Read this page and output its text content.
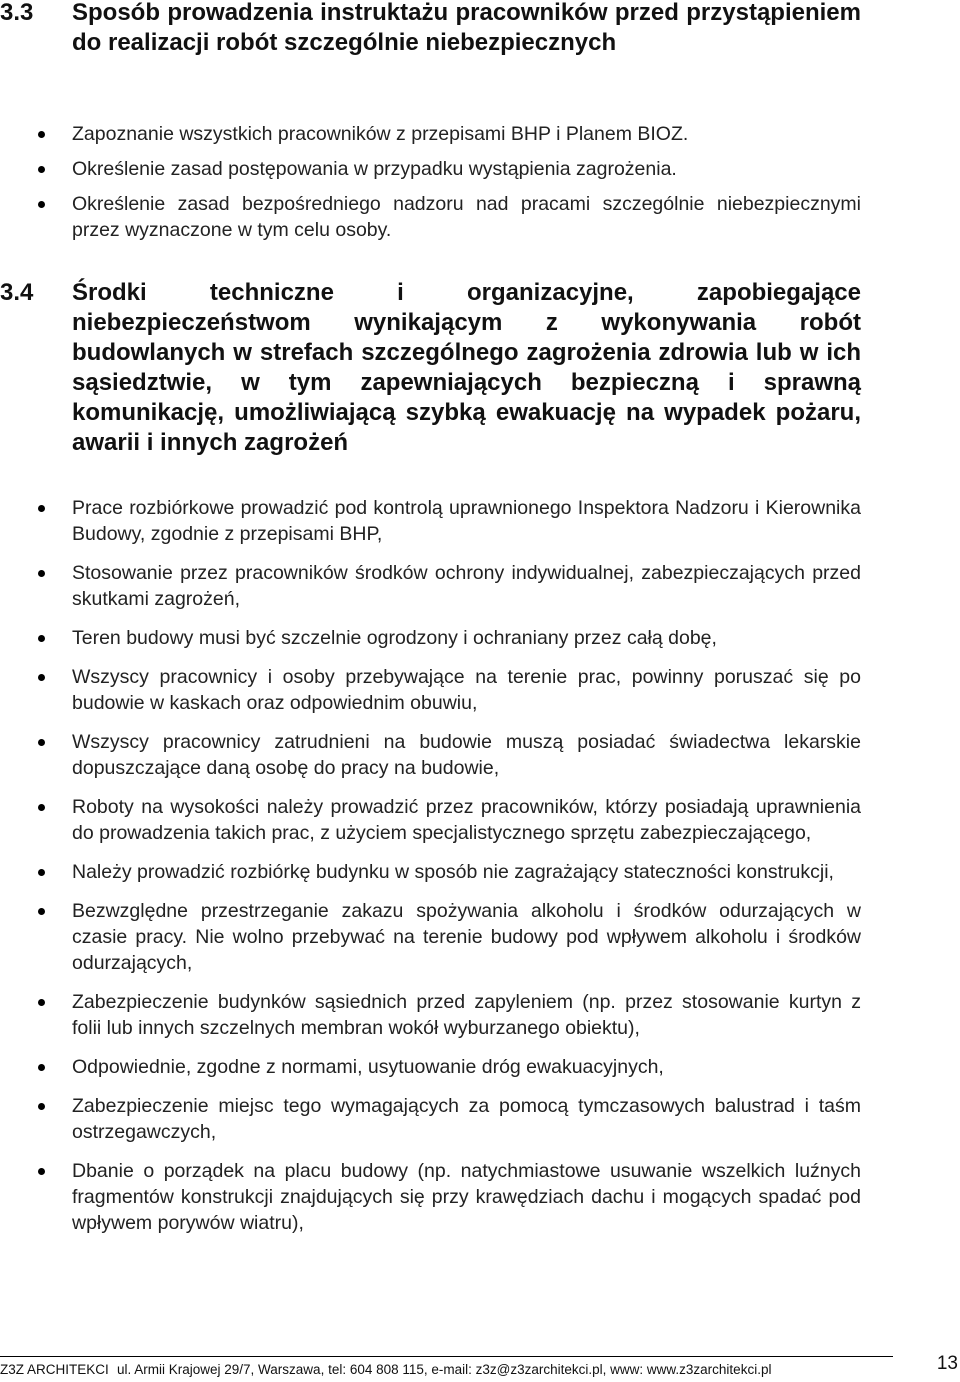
3.3 Sposób prowadzenia instruktażu pracowników przed przystąpieniem do realizacji robót szczególnie niebezpiecznych
Zapoznanie wszystkich pracowników z przepisami BHP i Planem BIOZ.
Określenie zasad postępowania w przypadku wystąpienia zagrożenia.
Określenie zasad bezpośredniego nadzoru nad pracami szczególnie niebezpiecznymi przez wyznaczone w tym celu osoby.
3.4 Środki techniczne i organizacyjne, zapobiegające niebezpieczeństwom wynikającym z wykonywania robót budowlanych w strefach szczególnego zagrożenia zdrowia lub w ich sąsiedztwie, w tym zapewniających bezpieczną i sprawną komunikację, umożliwiającą szybką ewakuację na wypadek pożaru, awarii i innych zagrożeń
Prace rozbiórkowe prowadzić pod kontrolą uprawnionego Inspektora Nadzoru i Kierownika Budowy, zgodnie z przepisami BHP,
Stosowanie przez pracowników środków ochrony indywidualnej, zabezpieczających przed skutkami zagrożeń,
Teren budowy musi być szczelnie ogrodzony i ochraniany przez całą dobę,
Wszyscy pracownicy i osoby przebywające na terenie prac, powinny poruszać się po budowie w kaskach oraz odpowiednim obuwiu,
Wszyscy pracownicy zatrudnieni na budowie muszą posiadać świadectwa lekarskie dopuszczające daną osobę do pracy na budowie,
Roboty na wysokości należy prowadzić przez pracowników, którzy posiadają uprawnienia do prowadzenia takich prac, z użyciem specjalistycznego sprzętu zabezpieczającego,
Należy prowadzić rozbiórkę budynku w sposób nie zagrażający stateczności konstrukcji,
Bezwzględne przestrzeganie zakazu spożywania alkoholu i środków odurzających w czasie pracy. Nie wolno przebywać na terenie budowy pod wpływem alkoholu i środków odurzających,
Zabezpieczenie budynków sąsiednich przed zapyleniem (np. przez stosowanie kurtyn z folii lub innych szczelnych membran wokół wyburzanego obiektu),
Odpowiednie, zgodne z normami, usytuowanie dróg ewakuacyjnych,
Zabezpieczenie miejsc tego wymagających za pomocą tymczasowych balustrad i taśm ostrzegawczych,
Dbanie o porządek na placu budowy (np. natychmiastowe usuwanie wszelkich luźnych fragmentów konstrukcji znajdujących się przy krawędziach dachu i mogących spadać pod wpływem porywów wiatru),
Z3Z ARCHITEKCI ul. Armii Krajowej 29/7, Warszawa, tel: 604 808 115, e-mail: z3z@z3zarchitekci.pl, www: www.z3zarchitekci.pl	13
